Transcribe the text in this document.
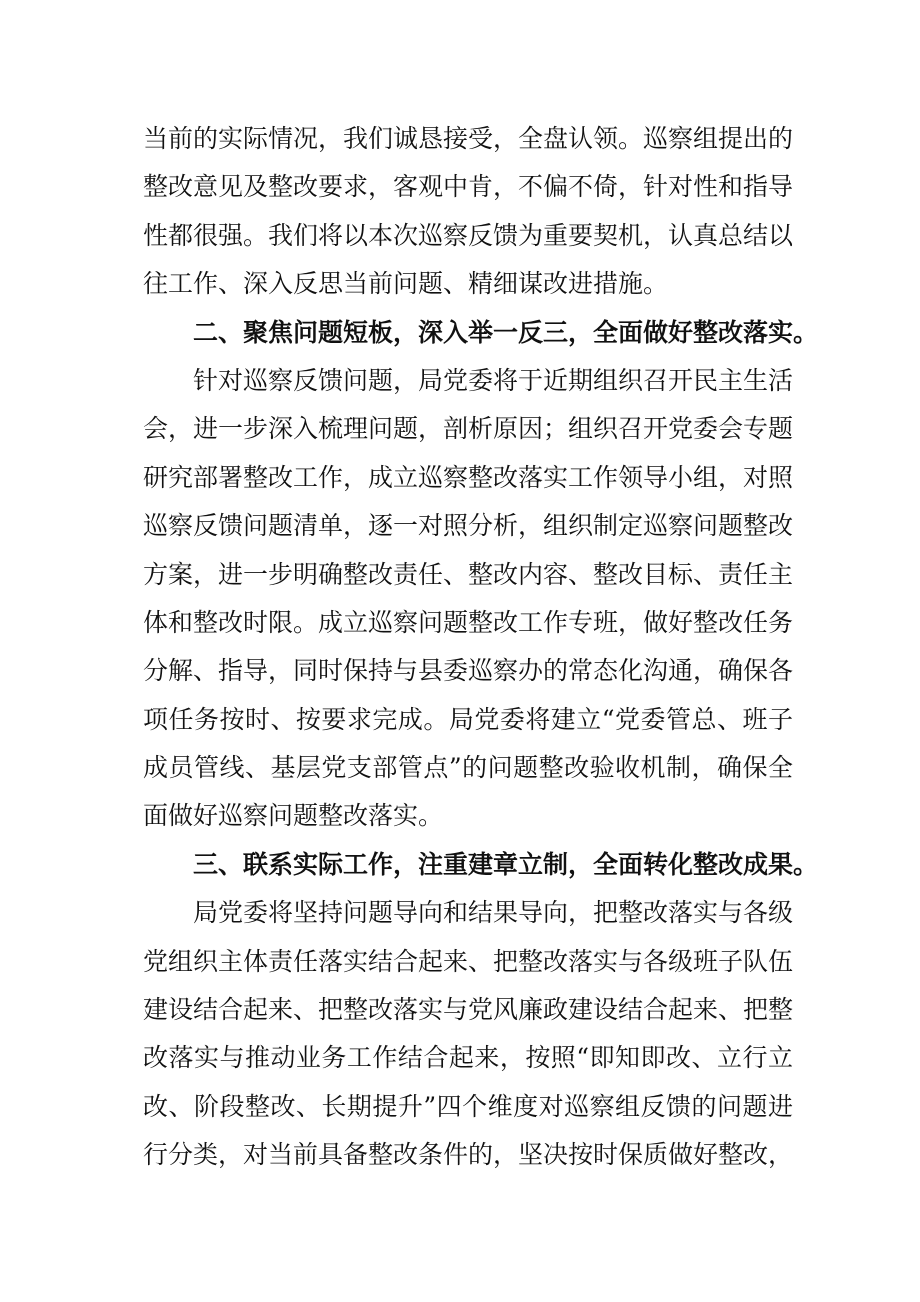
当前的实际情况，我们诚恳接受，全盘认领。巡察组提出的
整改意见及整改要求，客观中肯，不偏不倚，针对性和指导
性都很强。我们将以本次巡察反馈为重要契机，认真总结以
往工作、深入反思当前问题、精细谋改进措施。
二、聚焦问题短板，深入举一反三，全面做好整改落实。
针对巡察反馈问题，局党委将于近期组织召开民主生活
会，进一步深入梳理问题，剖析原因；组织召开党委会专题
研究部署整改工作，成立巡察整改落实工作领导小组，对照
巡察反馈问题清单，逐一对照分析，组织制定巡察问题整改
方案，进一步明确整改责任、整改内容、整改目标、责任主
体和整改时限。成立巡察问题整改工作专班，做好整改任务
分解、指导，同时保持与县委巡察办的常态化沟通，确保各
项任务按时、按要求完成。局党委将建立“党委管总、班子
成员管线、基层党支部管点”的问题整改验收机制，确保全
面做好巡察问题整改落实。
三、联系实际工作，注重建章立制，全面转化整改成果。
局党委将坚持问题导向和结果导向，把整改落实与各级
党组织主体责任落实结合起来、把整改落实与各级班子队伍
建设结合起来、把整改落实与党风廉政建设结合起来、把整
改落实与推动业务工作结合起来，按照“即知即改、立行立
改、阶段整改、长期提升”四个维度对巡察组反馈的问题进
行分类，对当前具备整改条件的，坚决按时保质做好整改，
